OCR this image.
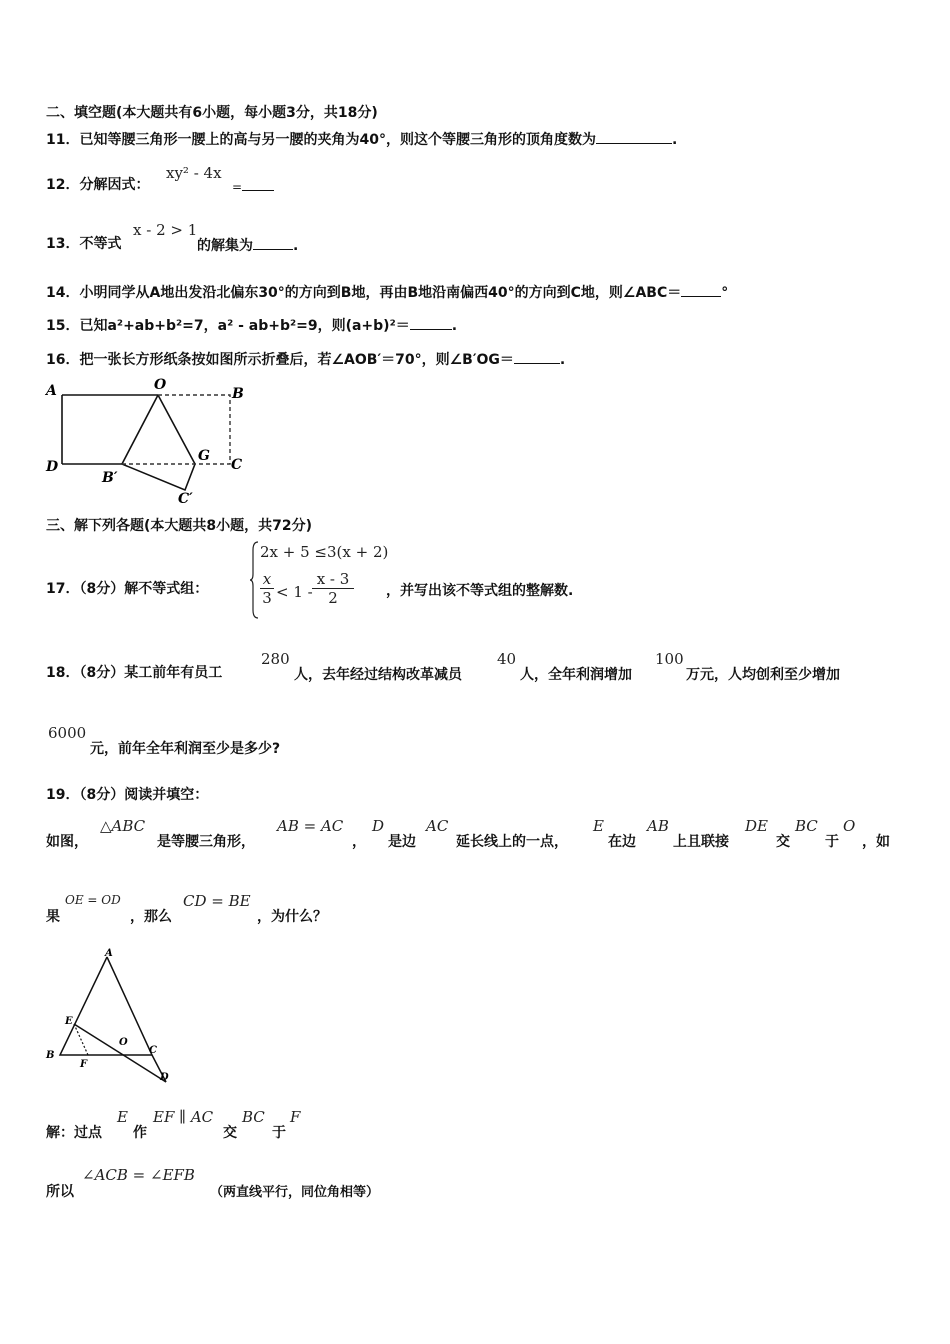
二、填空题(本大题共有6小题，每小题3分，共18分)
11．已知等腰三角形一腰上的高与另一腰的夹角为40°，则这个等腰三角形的顶角度数为	.
12．分解因式：
xy² - 4x
=
13．不等式
x - 2 > 1
的解集为	.
14．小明同学从A地出发沿北偏东30°的方向到B地，再由B地沿南偏西40°的方向到C地，则∠ABC＝	°
15．已知a²+ab+b²=7，a² - ab+b²=9，则(a+b)²＝	.
16．把一张长方形纸条按如图所示折叠后，若∠AOB′＝70°，则∠B′OG＝	.
A	O
B
D
B′
G
C
C′
三、解下列各题(本大题共8小题，共72分)
17．（8分）解不等式组：
2x + 5 ≤3(x + 2)
x
3 < 1 -
x - 3
2	，并写出该不等式组的整解数.
18．（8分）某工前年有员工
280
人，去年经过结构改革减员
40
人，全年利润增加
100
万元，人均创利至少增加
6000
元，前年全年利润至少是多少?
19．（8分）阅读并填空：
如图，
△ABC
是等腰三角形，
AB = AC
，
D
是边
AC
延长线上的一点，
E
在边
AB
上且联接
DE
交
BC
于
O
，如
果
OE = OD
，那么
CD = BE
，为什么？
A
E
B
F
O
C
D
解：过点
E
作
EF ∥ AC
交
BC
于
F
所以
∠ACB = ∠EFB
（两直线平行，同位角相等）
